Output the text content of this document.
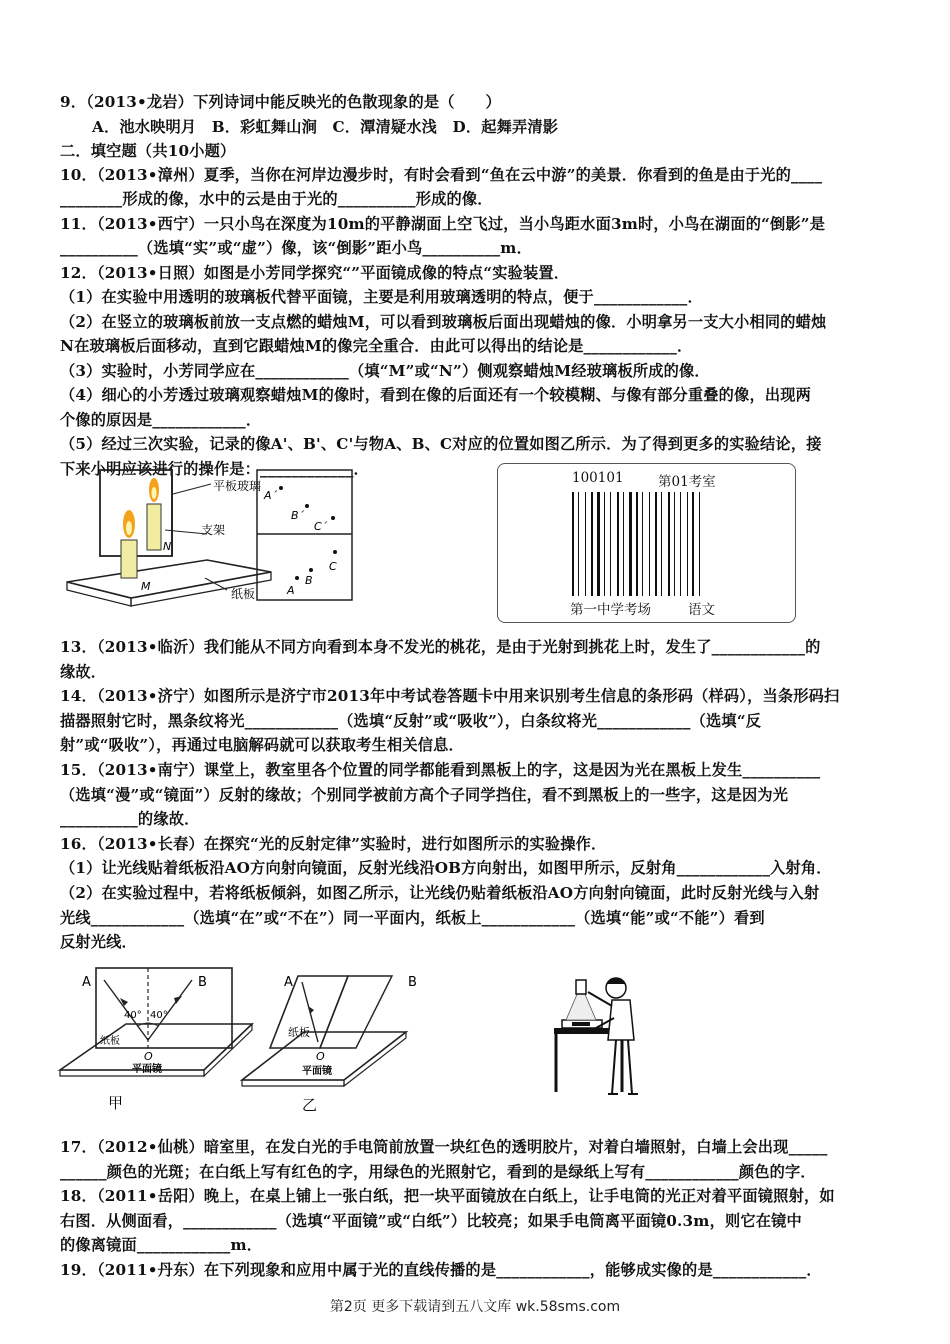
9．（2013•龙岩）下列诗词中能反映光的色散现象的是（　　）
A．池水映明月　B．彩虹舞山涧　C．潭清疑水浅　D．起舞弄清影
二．填空题（共10小题）
10．（2013•漳州）夏季，当你在河岸边漫步时，有时会看到“鱼在云中游”的美景．你看到的鱼是由于光的____
________形成的像，水中的云是由于光的__________形成的像．
11．（2013•西宁）一只小鸟在深度为10m的平静湖面上空飞过，当小鸟距水面3m时，小鸟在湖面的“倒影”是
__________（选填“实”或“虚”）像，该“倒影”距小鸟__________m．
12．（2013•日照）如图是小芳同学探究“”平面镜成像的特点“实验装置．
（1）在实验中用透明的玻璃板代替平面镜，主要是利用玻璃透明的特点，便于____________．
（2）在竖立的玻璃板前放一支点燃的蜡烛M，可以看到玻璃板后面出现蜡烛的像．小明拿另一支大小相同的蜡烛
N在玻璃板后面移动，直到它跟蜡烛M的像完全重合．由此可以得出的结论是____________．
（3）实验时，小芳同学应在____________（填“M”或“N”）侧观察蜡烛M经玻璃板所成的像．
（4）细心的小芳透过玻璃观察蜡烛M的像时，看到在像的后面还有一个较模糊、与像有部分重叠的像，出现两
个像的原因是____________．
（5）经过三次实验，记录的像A'、B'、C'与物A、B、C对应的位置如图乙所示．为了得到更多的实验结论，接
下来小明应该进行的操作是：____________．
M
N
平板玻璃
支架
纸板
A´
B´
C´
A
B
C
100101	第01考室
第一中学考场	语文
13．（2013•临沂）我们能从不同方向看到本身不发光的桃花，是由于光射到挑花上时，发生了____________的
缘故．
14．（2013•济宁）如图所示是济宁市2013年中考试卷答题卡中用来识别考生信息的条形码（样码），当条形码扫
描器照射它时，黑条纹将光____________（选填“反射”或“吸收”），白条纹将光____________（选填“反
射”或“吸收”），再通过电脑解码就可以获取考生相关信息．
15．（2013•南宁）课堂上，教室里各个位置的同学都能看到黑板上的字，这是因为光在黑板上发生__________
（选填“漫”或“镜面”）反射的缘故；个别同学被前方高个子同学挡住，看不到黑板上的一些字，这是因为光
__________的缘故．
16．（2013•长春）在探究“光的反射定律”实验时，进行如图所示的实验操作．
（1）让光线贴着纸板沿AO方向射向镜面，反射光线沿OB方向射出，如图甲所示，反射角____________入射角．
（2）在实验过程中，若将纸板倾斜，如图乙所示，让光线仍贴着纸板沿AO方向射向镜面，此时反射光线与入射
光线____________（选填“在”或“不在”）同一平面内，纸板上____________（选填“能”或“不能”）看到
反射光线．
A	B
40° 40°
O
纸板
平面镜
甲
A	B
纸板
O
平面镜
乙
17．（2012•仙桃）暗室里，在发白光的手电筒前放置一块红色的透明胶片，对着白墙照射，白墙上会出现_____
______颜色的光斑；在白纸上写有红色的字，用绿色的光照射它，看到的是绿纸上写有____________颜色的字．
18．（2011•岳阳）晚上，在桌上铺上一张白纸，把一块平面镜放在白纸上，让手电筒的光正对着平面镜照射，如
右图．从侧面看，____________（选填“平面镜”或“白纸”）比较亮；如果手电筒离平面镜0.3m，则它在镜中
的像离镜面____________m．
19．（2011•丹东）在下列现象和应用中属于光的直线传播的是____________，能够成实像的是____________．
第2页 更多下载请到五八文库 wk.58sms.com
